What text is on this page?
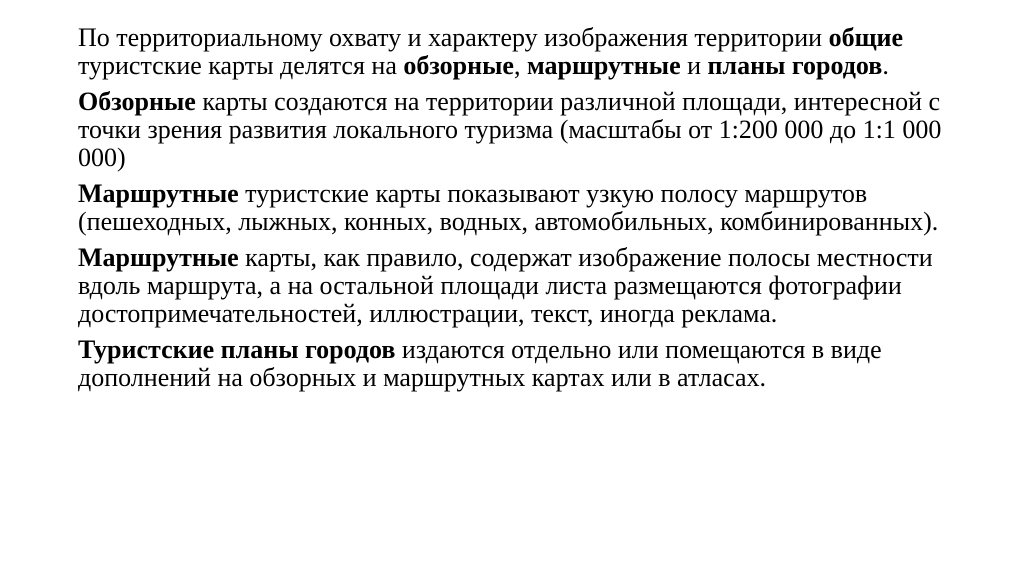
По территориальному охвату и характеру изображения территории общие туристские карты делятся на обзорные, маршрутные и планы городов.

Обзорные карты создаются на территории различной площади, интересной с точки зрения развития локального туризма (масштабы от 1:200 000 до 1:1 000 000)

Маршрутные туристские карты показывают узкую полосу маршрутов (пешеходных, лыжных, конных, водных, автомобильных, комбинированных).

Маршрутные карты, как правило, содержат изображение полосы местности вдоль маршрута, а на остальной площади листа размещаются фотографии достопримечательностей, иллюстрации, текст, иногда реклама.

Туристские планы городов издаются отдельно или помещаются в виде дополнений на обзорных и маршрутных картах или в атласах.
